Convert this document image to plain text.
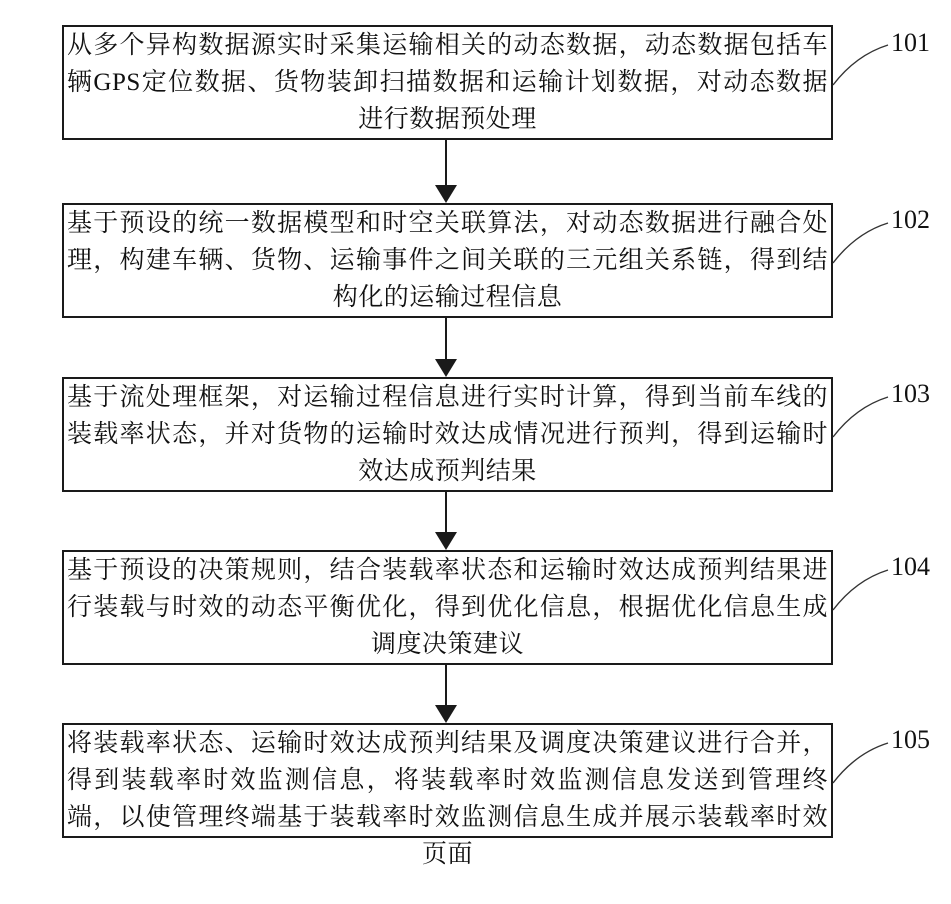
从多个异构数据源实时采集运输相关的动态数据，动态数据包括车辆GPS定位数据、货物装卸扫描数据和运输计划数据，对动态数据进行数据预处理
101
基于预设的统一数据模型和时空关联算法，对动态数据进行融合处理，构建车辆、货物、运输事件之间关联的三元组关系链，得到结构化的运输过程信息
102
基于流处理框架，对运输过程信息进行实时计算，得到当前车线的装载率状态，并对货物的运输时效达成情况进行预判，得到运输时效达成预判结果
103
基于预设的决策规则，结合装载率状态和运输时效达成预判结果进行装载与时效的动态平衡优化，得到优化信息，根据优化信息生成调度决策建议
104
将装载率状态、运输时效达成预判结果及调度决策建议进行合并，得到装载率时效监测信息，将装载率时效监测信息发送到管理终端，以使管理终端基于装载率时效监测信息生成并展示装载率时效页面
105
